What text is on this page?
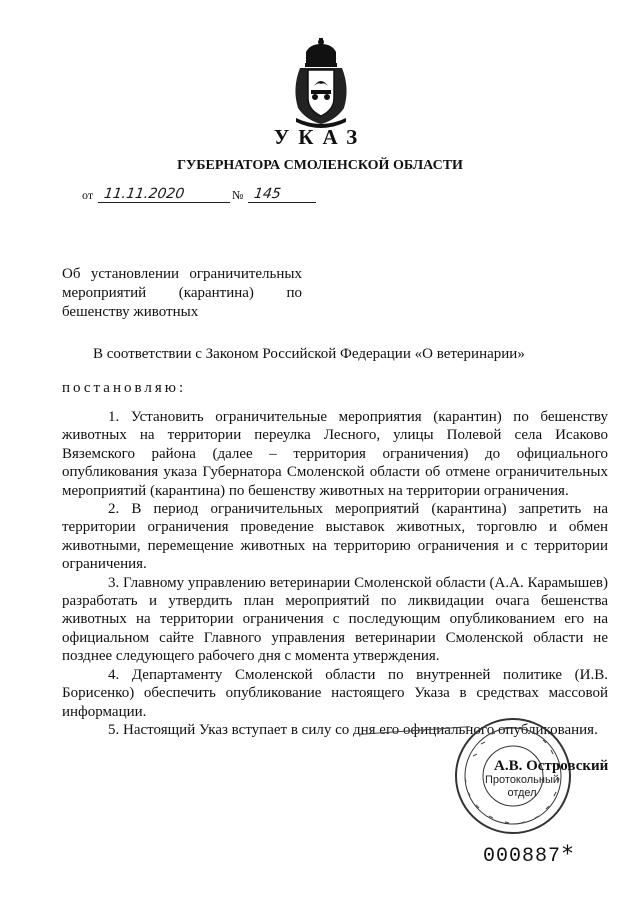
УКАЗ
ГУБЕРНАТОРА СМОЛЕНСКОЙ ОБЛАСТИ
от 11.11.2020	№ 145
Об установлении ограничительных
мероприятий (карантина) по
бешенству животных
В соответствии с Законом Российской Федерации «О ветеринарии»
постановляю:

1. Установить ограничительные мероприятия (карантин) по бешенству животных на территории переулка Лесного, улицы Полевой села Исаково Вяземского района (далее – территория ограничения) до официального опубликования указа Губернатора Смоленской области об отмене ограничительных мероприятий (карантина) по бешенству животных на территории ограничения.

2. В период ограничительных мероприятий (карантина) запретить на территории ограничения проведение выставок животных, торговлю и обмен животными, перемещение животных на территорию ограничения и с территории ограничения.

3. Главному управлению ветеринарии Смоленской области (А.А. Карамышев) разработать и утвердить план мероприятий по ликвидации очага бешенства животных на территории ограничения с последующим опубликованием его на официальном сайте Главного управления ветеринарии Смоленской области не позднее следующего рабочего дня с момента утверждения.

4. Департаменту Смоленской области по внутренней политике (И.В. Борисенко) обеспечить опубликование настоящего Указа в средствах массовой информации.

5. Настоящий Указ вступает в силу со дня его официального опубликования.

А.В. Островский
Протокольный
отдел
000887 *
